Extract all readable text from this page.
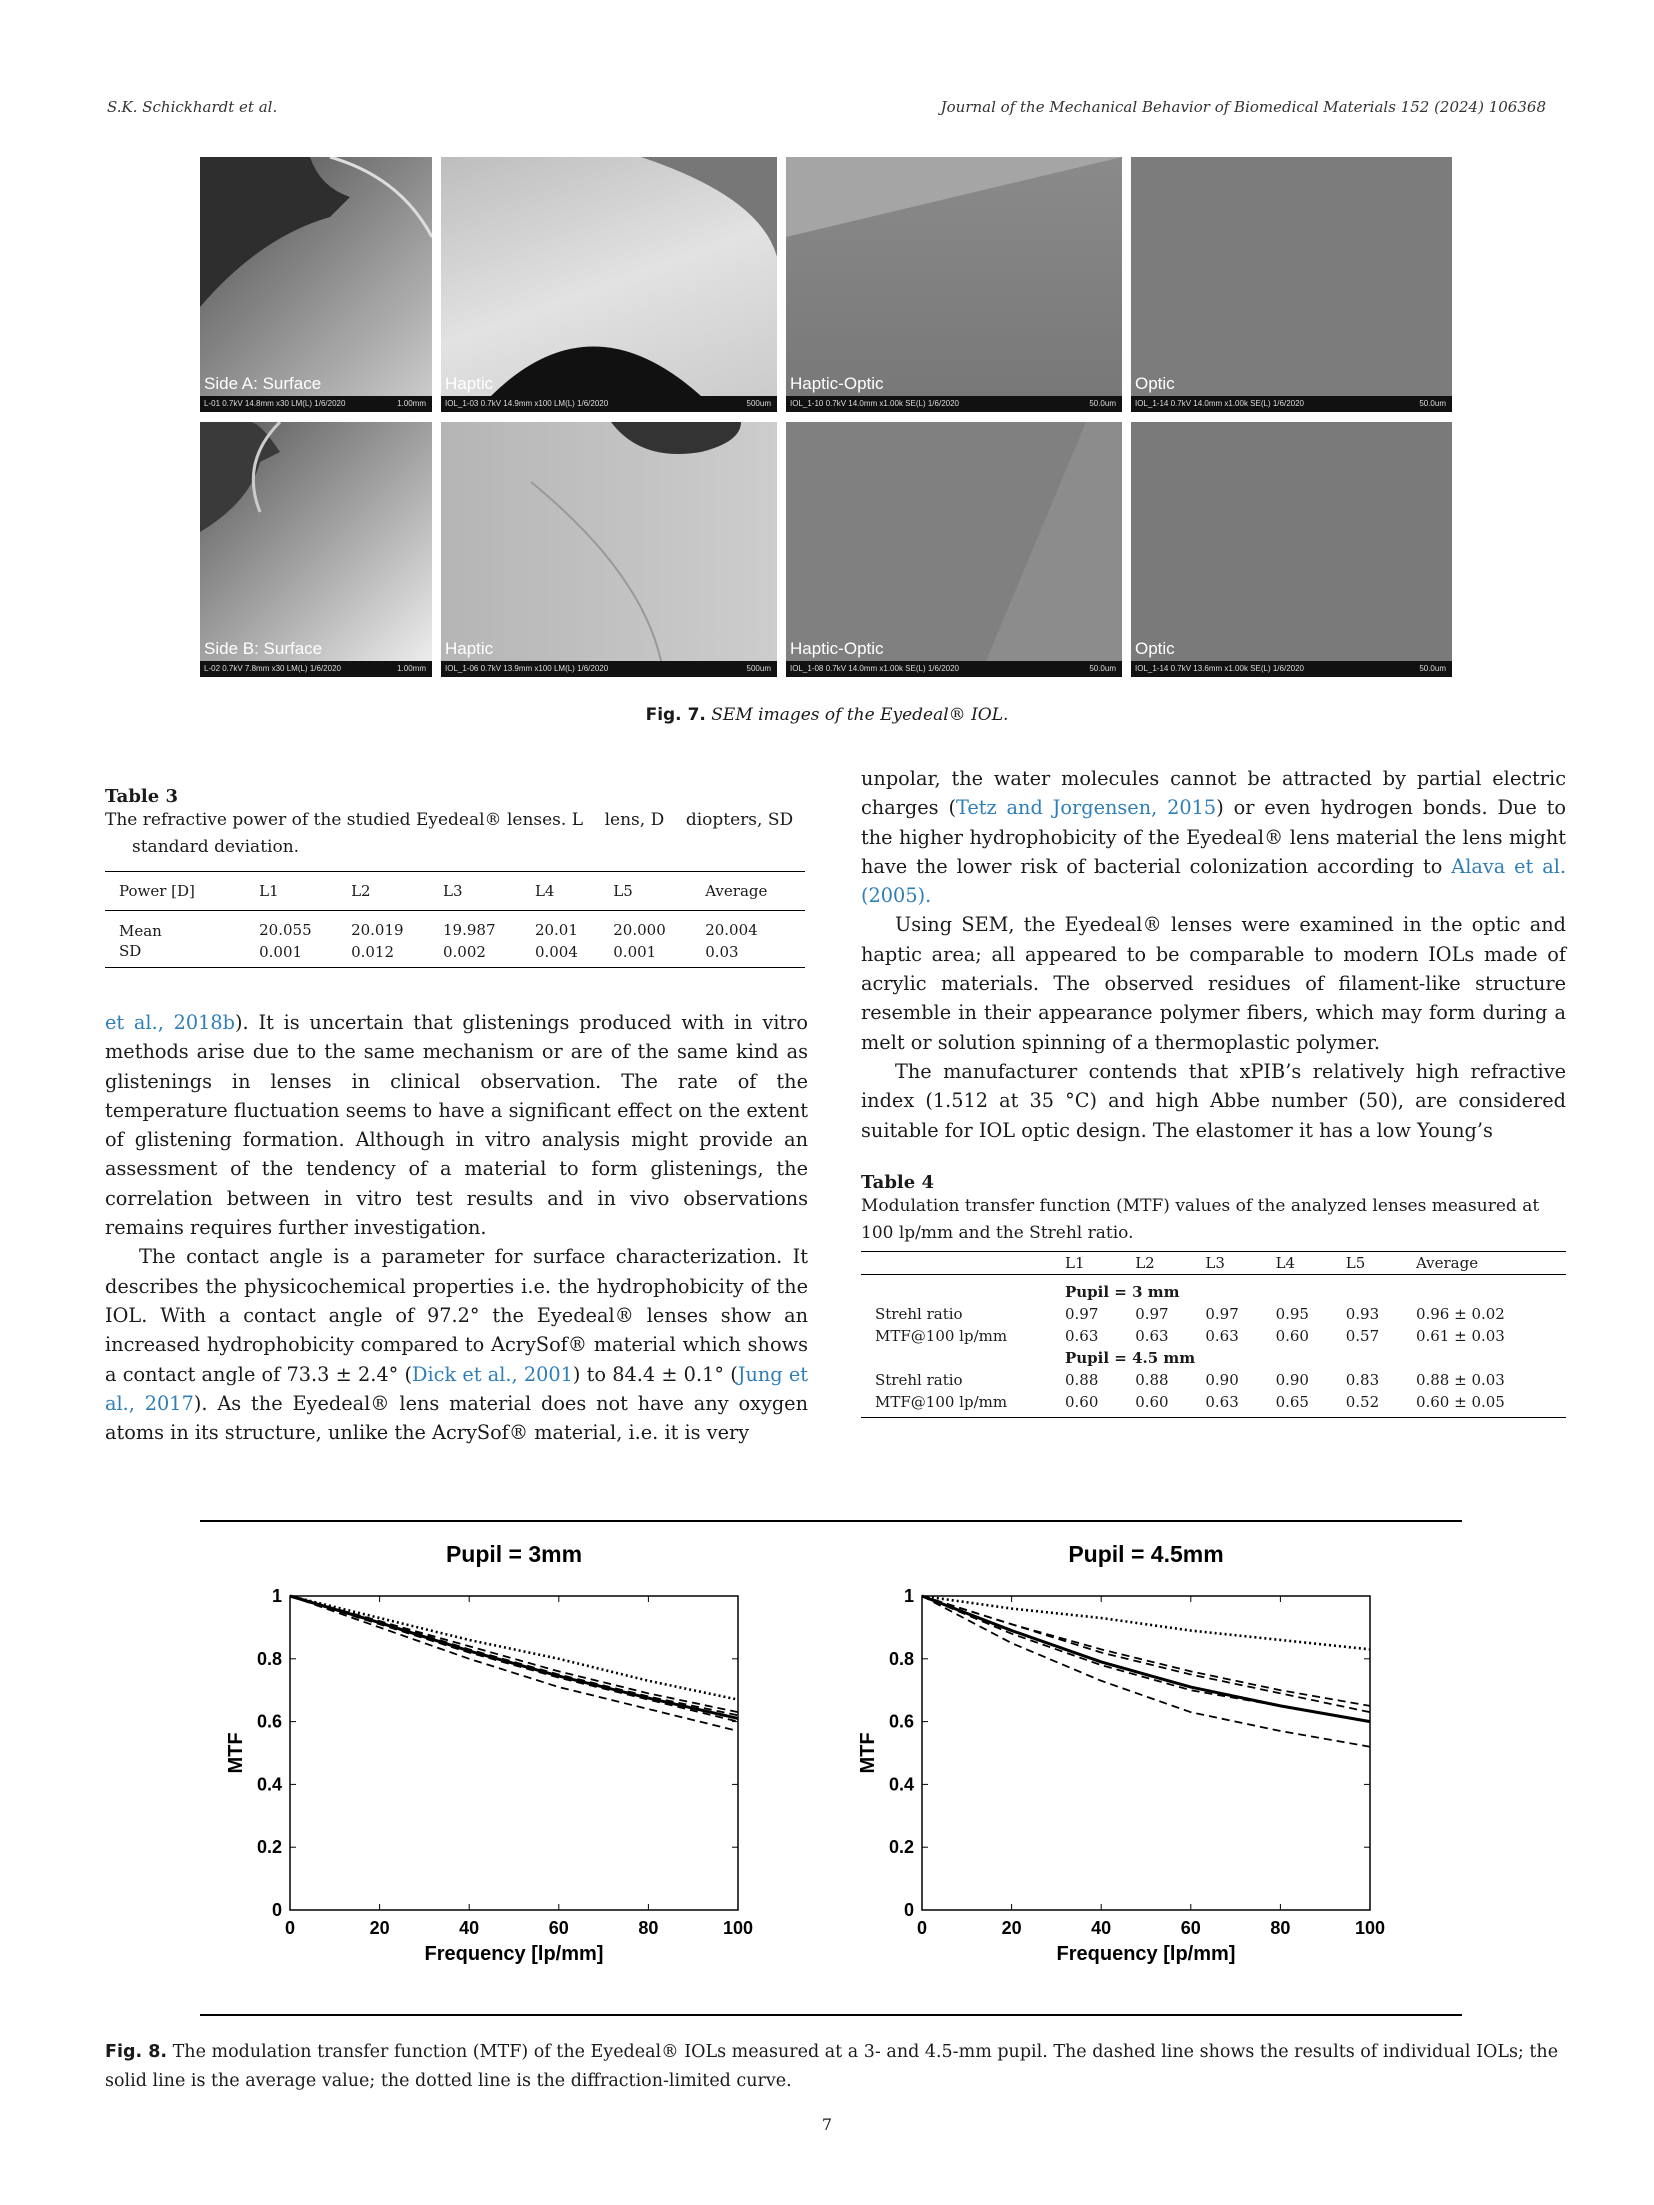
S.K. Schickhardt et al.	Journal of the Mechanical Behavior of Biomedical Materials 152 (2024) 106368
Side A: Surface
L-01 0.7kV 14.8mm x30 LM(L) 1/6/2020	1.00mm
Haptic
IOL_1-03 0.7kV 14.9mm x100 LM(L) 1/6/2020	500um
Haptic-Optic
IOL_1-10 0.7kV 14.0mm x1.00k SE(L) 1/6/2020	50.0um
Optic
IOL_1-14 0.7kV 14.0mm x1.00k SE(L) 1/6/2020	50.0um
Side B: Surface
L-02 0.7kV 7.8mm x30 LM(L) 1/6/2020	1.00mm
Haptic
IOL_1-06 0.7kV 13.9mm x100 LM(L) 1/6/2020	500um
Haptic-Optic
IOL_1-08 0.7kV 14.0mm x1.00k SE(L) 1/6/2020	50.0um
Optic
IOL_1-14 0.7kV 13.6mm x1.00k SE(L) 1/6/2020	50.0um
Fig. 7. SEM images of the Eyedeal® IOL.
Table 3
The refractive power of the studied Eyedeal® lenses. L    lens, D    diopters, SD
standard deviation.
Power [D]	L1	L2	L3	L4	L5	Average
Mean	20.055	20.019	19.987	20.01	20.000	20.004
SD	0.001	0.012	0.002	0.004	0.001	0.03

et al., 2018b). It is uncertain that glistenings produced with in vitro methods arise due to the same mechanism or are of the same kind as glistenings in lenses in clinical observation. The rate of the temperature fluctuation seems to have a significant effect on the extent of glistening formation. Although in vitro analysis might provide an assessment of the tendency of a material to form glistenings, the correlation between in vitro test results and in vivo observations remains requires further investigation.

The contact angle is a parameter for surface characterization. It describes the physicochemical properties i.e. the hydrophobicity of the IOL. With a contact angle of 97.2° the Eyedeal® lenses show an increased hydrophobicity compared to AcrySof® material which shows a contact angle of 73.3 ± 2.4° (Dick et al., 2001) to 84.4 ± 0.1° (Jung et al., 2017). As the Eyedeal® lens material does not have any oxygen atoms in its structure, unlike the AcrySof® material, i.e. it is very

unpolar, the water molecules cannot be attracted by partial electric charges (Tetz and Jorgensen, 2015) or even hydrogen bonds. Due to the higher hydrophobicity of the Eyedeal® lens material the lens might have the lower risk of bacterial colonization according to Alava et al. (2005).

Using SEM, the Eyedeal® lenses were examined in the optic and haptic area; all appeared to be comparable to modern IOLs made of acrylic materials. The observed residues of filament-like structure resemble in their appearance polymer fibers, which may form during a melt or solution spinning of a thermoplastic polymer.

The manufacturer contends that xPIB’s relatively high refractive index (1.512 at 35 °C) and high Abbe number (50), are considered suitable for IOL optic design. The elastomer it has a low Young’s

Table 4
Modulation transfer function (MTF) values of the analyzed lenses measured at 100 lp/mm and the Strehl ratio.
	L1	L2	L3	L4	L5	Average
	Pupil = 3 mm					
Strehl ratio	0.97	0.97	0.97	0.95	0.93	0.96 ± 0.02
MTF@100 lp/mm	0.63	0.63	0.63	0.60	0.57	0.61 ± 0.03
	Pupil = 4.5 mm					
Strehl ratio	0.88	0.88	0.90	0.90	0.83	0.88 ± 0.03
MTF@100 lp/mm	0.60	0.60	0.63	0.65	0.52	0.60 ± 0.05
Pupil = 3mm
0	20	40	60	80	100
0
0.2
0.4
0.6
0.8
1
Frequency [lp/mm]
MTF
Pupil = 4.5mm
0	20	40	60	80	100
0
0.2
0.4
0.6
0.8
1
Frequency [lp/mm]
MTF
Fig. 8. The modulation transfer function (MTF) of the Eyedeal® IOLs measured at a 3- and 4.5-mm pupil. The dashed line shows the results of individual IOLs; the solid line is the average value; the dotted line is the diffraction-limited curve.
7
